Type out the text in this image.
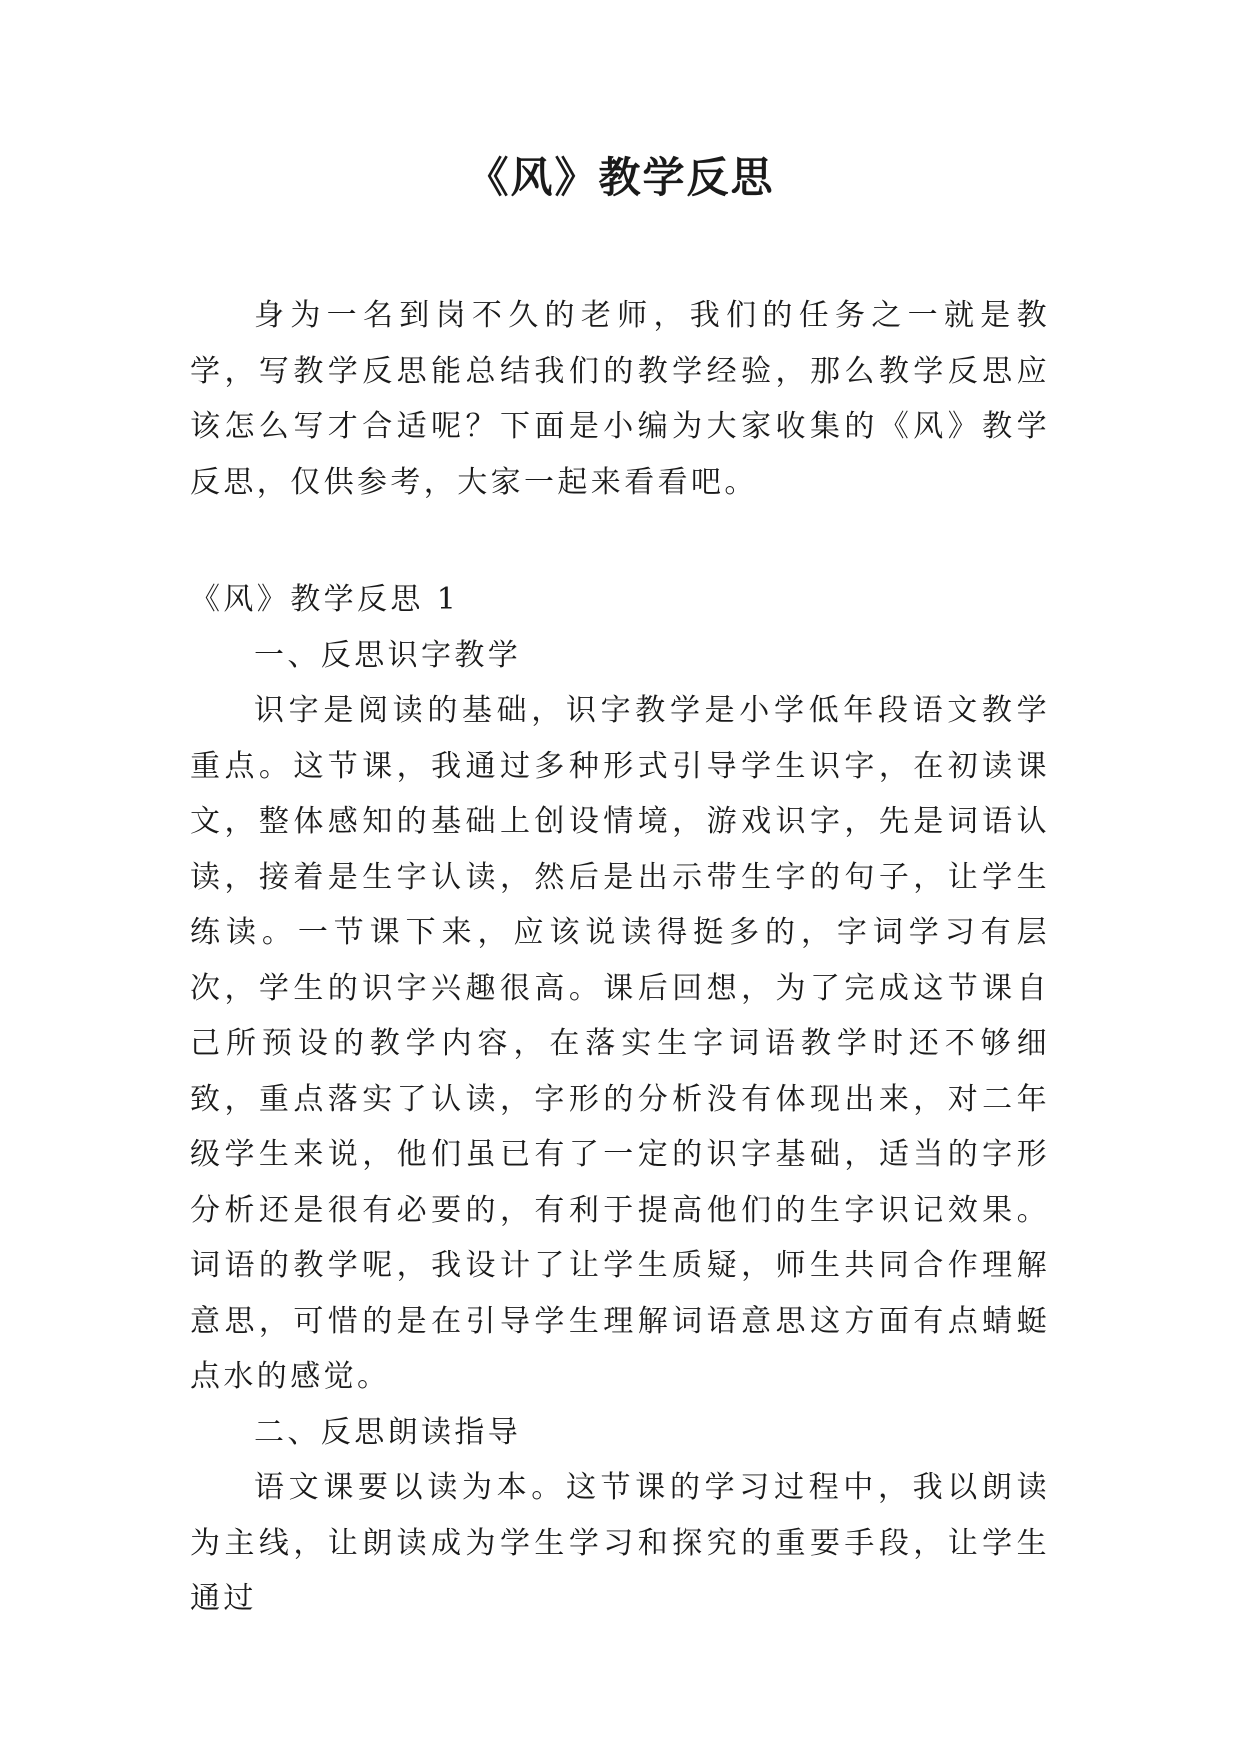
《风》教学反思

身为一名到岗不久的老师，我们的任务之一就是教学，写教学反思能总结我们的教学经验，那么教学反思应该怎么写才合适呢？下面是小编为大家收集的《风》教学反思，仅供参考，大家一起来看看吧。

《风》教学反思 1

一、反思识字教学

识字是阅读的基础，识字教学是小学低年段语文教学重点。这节课，我通过多种形式引导学生识字，在初读课文，整体感知的基础上创设情境，游戏识字，先是词语认读，接着是生字认读，然后是出示带生字的句子，让学生练读。一节课下来，应该说读得挺多的，字词学习有层次，学生的识字兴趣很高。课后回想，为了完成这节课自己所预设的教学内容，在落实生字词语教学时还不够细致，重点落实了认读，字形的分析没有体现出来，对二年级学生来说，他们虽已有了一定的识字基础，适当的字形分析还是很有必要的，有利于提高他们的生字识记效果。词语的教学呢，我设计了让学生质疑，师生共同合作理解意思，可惜的是在引导学生理解词语意思这方面有点蜻蜓点水的感觉。

二、反思朗读指导

语文课要以读为本。这节课的学习过程中，我以朗读为主线，让朗读成为学生学习和探究的重要手段，让学生通过
